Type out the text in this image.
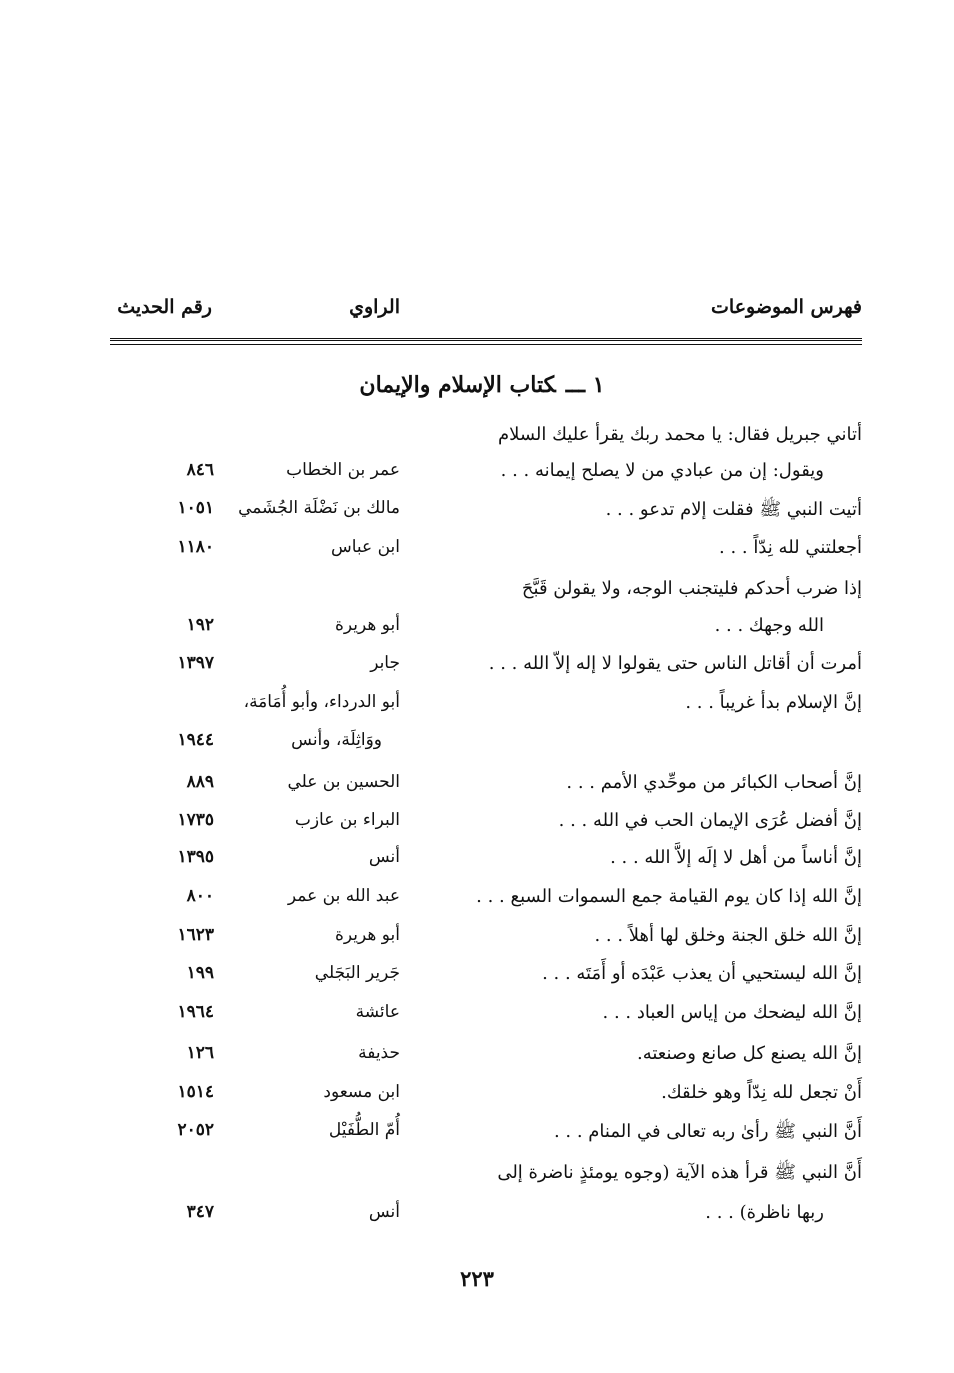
فهرس الموضوعات
الراوي
رقم الحديث
١ ـــكتاب الإسلام والإيمان
أتاني جبريل فقال: يا محمد ربك يقرأ عليك السلام
ويقول: إن من عبادي من لا يصلح إيمانه . . .
عمر بن الخطاب
٨٤٦
أتيت النبي ﷺ فقلت إلام تدعو . . .
مالك بن نَضْلَة الجُشَمي
١٠٥١
أجعلتني لله نِدّاً . . .
ابن عباس
١١٨٠
إذا ضرب أحدكم فليتجنب الوجه، ولا يقولن قَبَّحَ
الله وجهك . . .
أبو هريرة
١٩٢
أمرت أن أقاتل الناس حتى يقولوا لا إله إلاّ الله . . .
جابر
١٣٩٧
إنَّ الإسلام بدأ غريباً . . .
أبو الدرداء، وأبو أُمَامَة،
ووَاثِلَة، وأنس
١٩٤٤
إنَّ أصحاب الكبائر من موحِّدي الأمم . . .
الحسين بن علي
٨٨٩
إنَّ أفضل عُرَى الإيمان الحب في الله . . .
البراء بن عازب
١٧٣٥
إنَّ أناساً من أهل لا إلَه إلاَّ الله . . .
أنس
١٣٩٥
إنَّ الله إذا كان يوم القيامة جمع السموات السبع . . .
عبد الله بن عمر
٨٠٠
إنَّ الله خلق الجنة وخلق لها أهلاً . . .
أبو هريرة
١٦٢٣
إنَّ الله ليستحيي أن يعذب عَبْدَه أو أَمَتَه . . .
جَرير البَجَلي
١٩٩
إنَّ الله ليضحك من إياس العباد . . .
عائشة
١٩٦٤
إنَّ الله يصنع كل صانع وصنعته.
حذيفة
١٢٦
أَنْ تجعل لله نِدّاً وهو خلقك.
ابن مسعود
١٥١٤
أَنَّ النبي ﷺ رأىٰ ربه تعالى في المنام . . .
أُمّ الطُّفَيْل
٢٠٥٢
أَنَّ النبي ﷺ قرأ هذه الآية (وجوه يومئذٍ ناضرة إلى
ربها ناظرة) . . .
أنس
٣٤٧
٢٢٣
